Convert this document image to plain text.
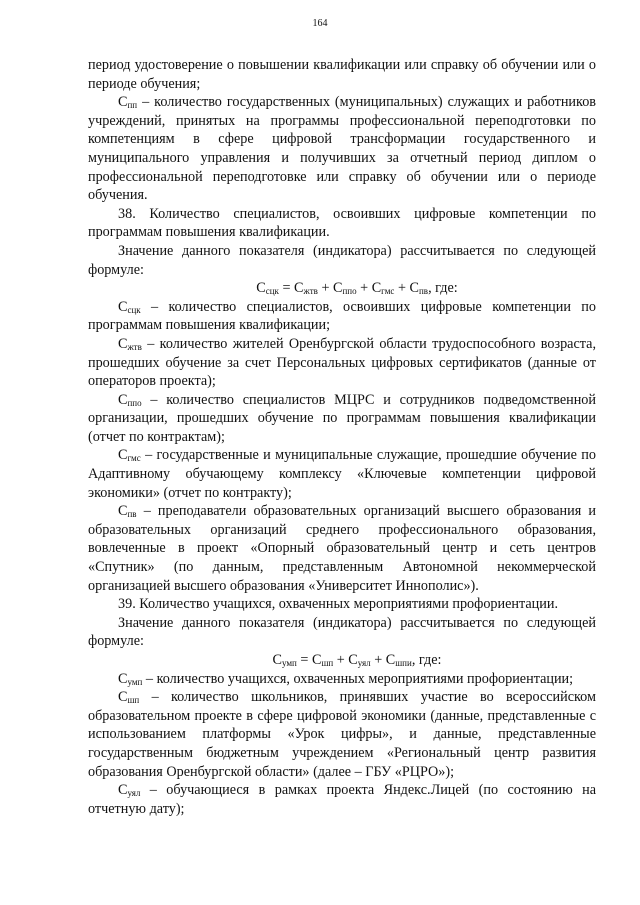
164

период удостоверение о повышении квалификации или справку об обучении или о периоде обучения;

$С_{пп}$ – количество государственных (муниципальных) служащих и работников учреждений, принятых на программы профессиональной переподготовки по компетенциям в сфере цифровой трансформации государственного и муниципального управления и получивших за отчетный период диплом о профессиональной переподготовке или справку об обучении или о периоде обучения.

38. Количество специалистов, освоивших цифровые компетенции по программам повышения квалификации.

Значение данного показателя (индикатора) рассчитывается по следующей формуле:

$С_{сцк} = С_{жтв} + С_{ппо} + С_{гмс} + С_{пв}$, где:

$С_{сцк}$ – количество специалистов, освоивших цифровые компетенции по программам повышения квалификации;

$С_{жтв}$ – количество жителей Оренбургской области трудоспособного возраста, прошедших обучение за счет Персональных цифровых сертификатов (данные от операторов проекта);

$С_{ппо}$ – количество специалистов МЦРС и сотрудников подведомственной организации, прошедших обучение по программам повышения квалификации (отчет по контрактам);

$С_{гмс}$ – государственные и муниципальные служащие, прошедшие обучение по Адаптивному обучающему комплексу «Ключевые компетенции цифровой экономики» (отчет по контракту);

$С_{пв}$ – преподаватели образовательных организаций высшего образования и образовательных организаций среднего профессионального образования, вовлеченные в проект «Опорный образовательный центр и сеть центров «Спутник» (по данным, представленным Автономной некоммерческой организацией высшего образования «Университет Иннополис»).

39. Количество учащихся, охваченных мероприятиями профориентации.

Значение данного показателя (индикатора) рассчитывается по следующей формуле:

$С_{умп} = С_{шп} + С_{уял} + С_{шпи}$, где:

$С_{умп}$ – количество учащихся, охваченных мероприятиями профориентации;

$С_{шп}$ – количество школьников, принявших участие во всероссийском образовательном проекте в сфере цифровой экономики (данные, представленные с использованием платформы «Урок цифры», и данные, представленные государственным бюджетным учреждением «Региональный центр развития образования Оренбургской области» (далее – ГБУ «РЦРО»);

$С_{уял}$ – обучающиеся в рамках проекта Яндекс.Лицей (по состоянию на отчетную дату);
